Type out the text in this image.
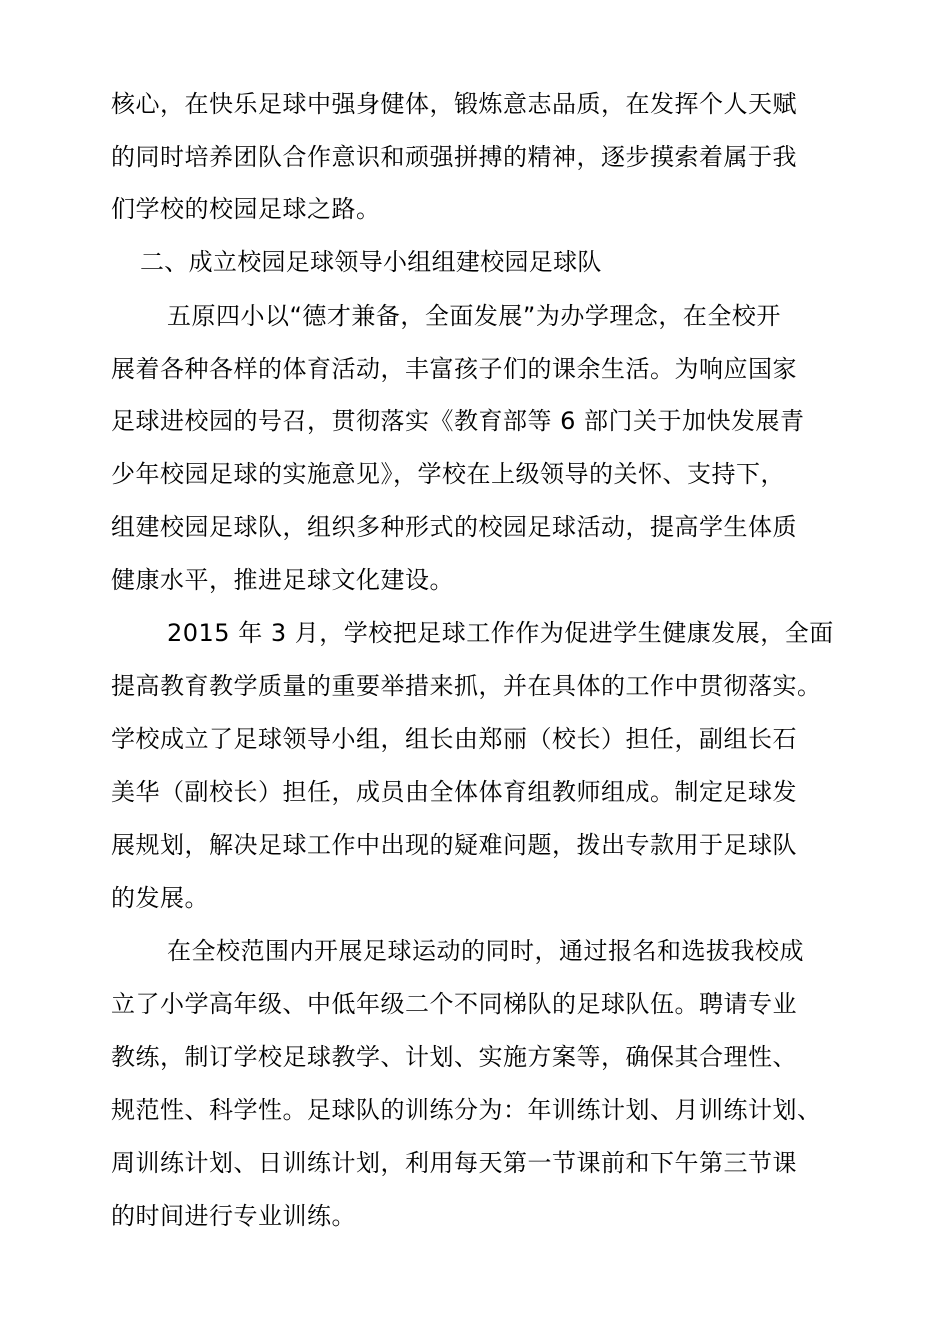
核心，在快乐足球中强身健体，锻炼意志品质，在发挥个人天赋
的同时培养团队合作意识和顽强拼搏的精神，逐步摸索着属于我
们学校的校园足球之路。
二、成立校园足球领导小组组建校园足球队
五原四小以“德才兼备，全面发展”为办学理念，在全校开
展着各种各样的体育活动，丰富孩子们的课余生活。为响应国家
足球进校园的号召，贯彻落实《教育部等 6 部门关于加快发展青
少年校园足球的实施意见》，学校在上级领导的关怀、支持下，
组建校园足球队，组织多种形式的校园足球活动，提高学生体质
健康水平，推进足球文化建设。
2015 年 3 月，学校把足球工作作为促进学生健康发展，全面
提高教育教学质量的重要举措来抓，并在具体的工作中贯彻落实。
学校成立了足球领导小组，组长由郑丽（校长）担任，副组长石
美华（副校长）担任，成员由全体体育组教师组成。制定足球发
展规划，解决足球工作中出现的疑难问题，拨出专款用于足球队
的发展。
在全校范围内开展足球运动的同时，通过报名和选拔我校成
立了小学高年级、中低年级二个不同梯队的足球队伍。聘请专业
教练，制订学校足球教学、计划、实施方案等，确保其合理性、
规范性、科学性。足球队的训练分为：年训练计划、月训练计划、
周训练计划、日训练计划，利用每天第一节课前和下午第三节课
的时间进行专业训练。
